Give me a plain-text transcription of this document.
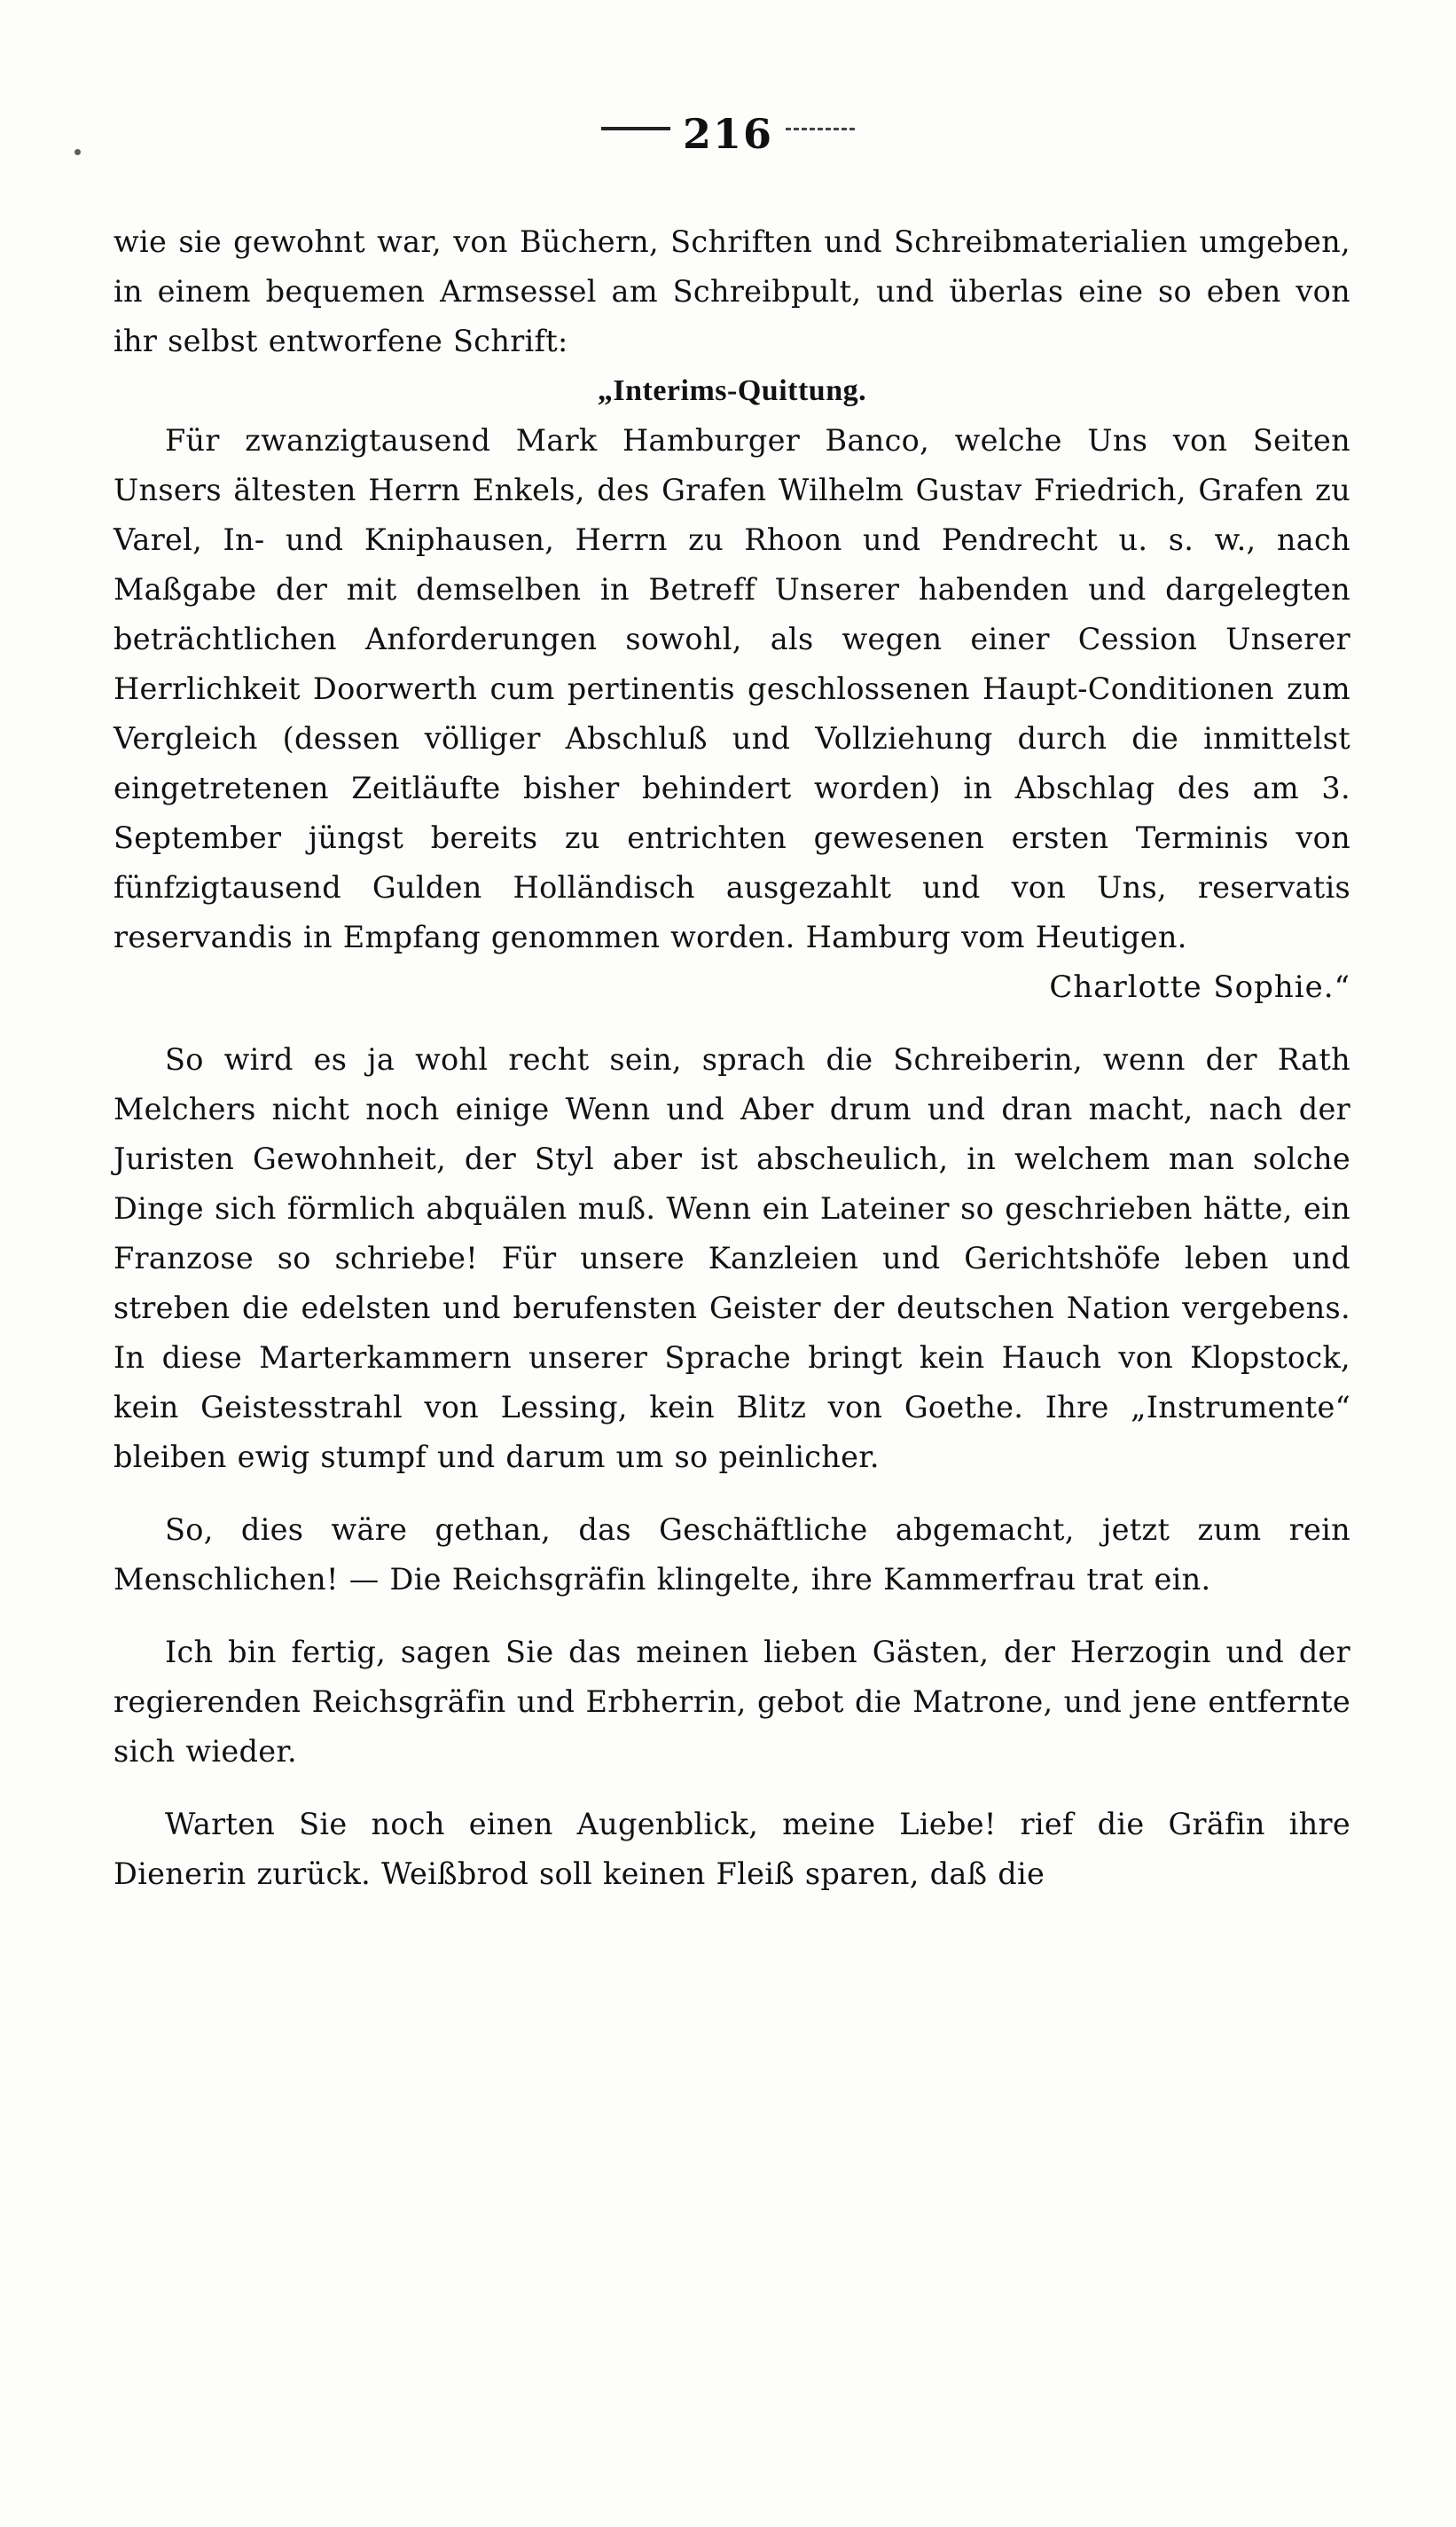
216

wie sie gewohnt war, von Büchern, Schriften und Schreibmaterialien umgeben, in einem bequemen Armsessel am Schreibpult, und überlas eine so eben von ihr selbst entworfene Schrift:

„Interims‑Quittung.

Für zwanzigtausend Mark Hamburger Banco, welche Uns von Seiten Unsers ältesten Herrn Enkels, des Grafen Wilhelm Gustav Friedrich, Grafen zu Varel, In‑ und Kniphausen, Herrn zu Rhoon und Pendrecht u. s. w., nach Maßgabe der mit demselben in Betreff Unserer habenden und dargelegten beträchtlichen Anforderungen sowohl, als wegen einer Cession Unserer Herrlichkeit Doorwerth cum pertinentis geschlossenen Haupt‑Conditionen zum Vergleich (dessen völliger Abschluß und Vollziehung durch die inmittelst eingetretenen Zeitläufte bisher behindert worden) in Abschlag des am 3. September jüngst bereits zu entrichten gewesenen ersten Terminis von fünfzigtausend Gulden Holländisch ausgezahlt und von Uns, reservatis reservandis in Empfang genommen worden. Hamburg vom Heutigen.

Charlotte Sophie.“

So wird es ja wohl recht sein, sprach die Schreiberin, wenn der Rath Melchers nicht noch einige Wenn und Aber drum und dran macht, nach der Juristen Gewohnheit, der Styl aber ist abscheulich, in welchem man solche Dinge sich förmlich abquälen muß. Wenn ein Lateiner so geschrieben hätte, ein Franzose so schriebe! Für unsere Kanzleien und Gerichtshöfe leben und streben die edelsten und berufensten Geister der deutschen Nation vergebens. In diese Marterkammern unserer Sprache bringt kein Hauch von Klopstock, kein Geistesstrahl von Lessing, kein Blitz von Goethe. Ihre „Instrumente“ bleiben ewig stumpf und darum um so peinlicher.

So, dies wäre gethan, das Geschäftliche abgemacht, jetzt zum rein Menschlichen! — Die Reichsgräfin klingelte, ihre Kammerfrau trat ein.

Ich bin fertig, sagen Sie das meinen lieben Gästen, der Herzogin und der regierenden Reichsgräfin und Erbherrin, gebot die Matrone, und jene entfernte sich wieder.

Warten Sie noch einen Augenblick, meine Liebe! rief die Gräfin ihre Dienerin zurück. Weißbrod soll keinen Fleiß sparen, daß die
